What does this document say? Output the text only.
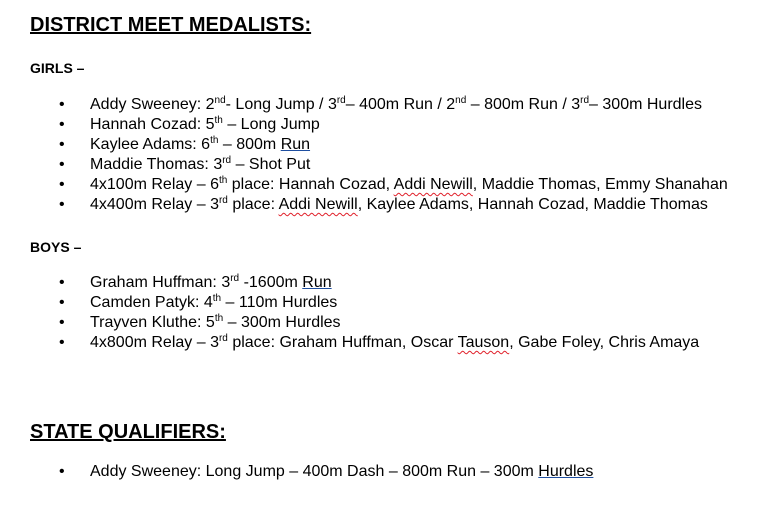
DISTRICT MEET MEDALISTS:
GIRLS –
• Addy Sweeney: 2nd- Long Jump / 3rd– 400m Run / 2nd – 800m Run / 3rd– 300m Hurdles
• Hannah Cozad: 5th – Long Jump
• Kaylee Adams: 6th – 800m Run
• Maddie Thomas: 3rd – Shot Put
• 4x100m Relay – 6th place: Hannah Cozad, Addi Newill, Maddie Thomas, Emmy Shanahan
• 4x400m Relay – 3rd place: Addi Newill, Kaylee Adams, Hannah Cozad, Maddie Thomas
BOYS –
• Graham Huffman: 3rd -1600m Run
• Camden Patyk: 4th – 110m Hurdles
• Trayven Kluthe: 5th – 300m Hurdles
• 4x800m Relay – 3rd place: Graham Huffman, Oscar Tauson, Gabe Foley, Chris Amaya
STATE QUALIFIERS:
• Addy Sweeney: Long Jump – 400m Dash – 800m Run – 300m Hurdles
